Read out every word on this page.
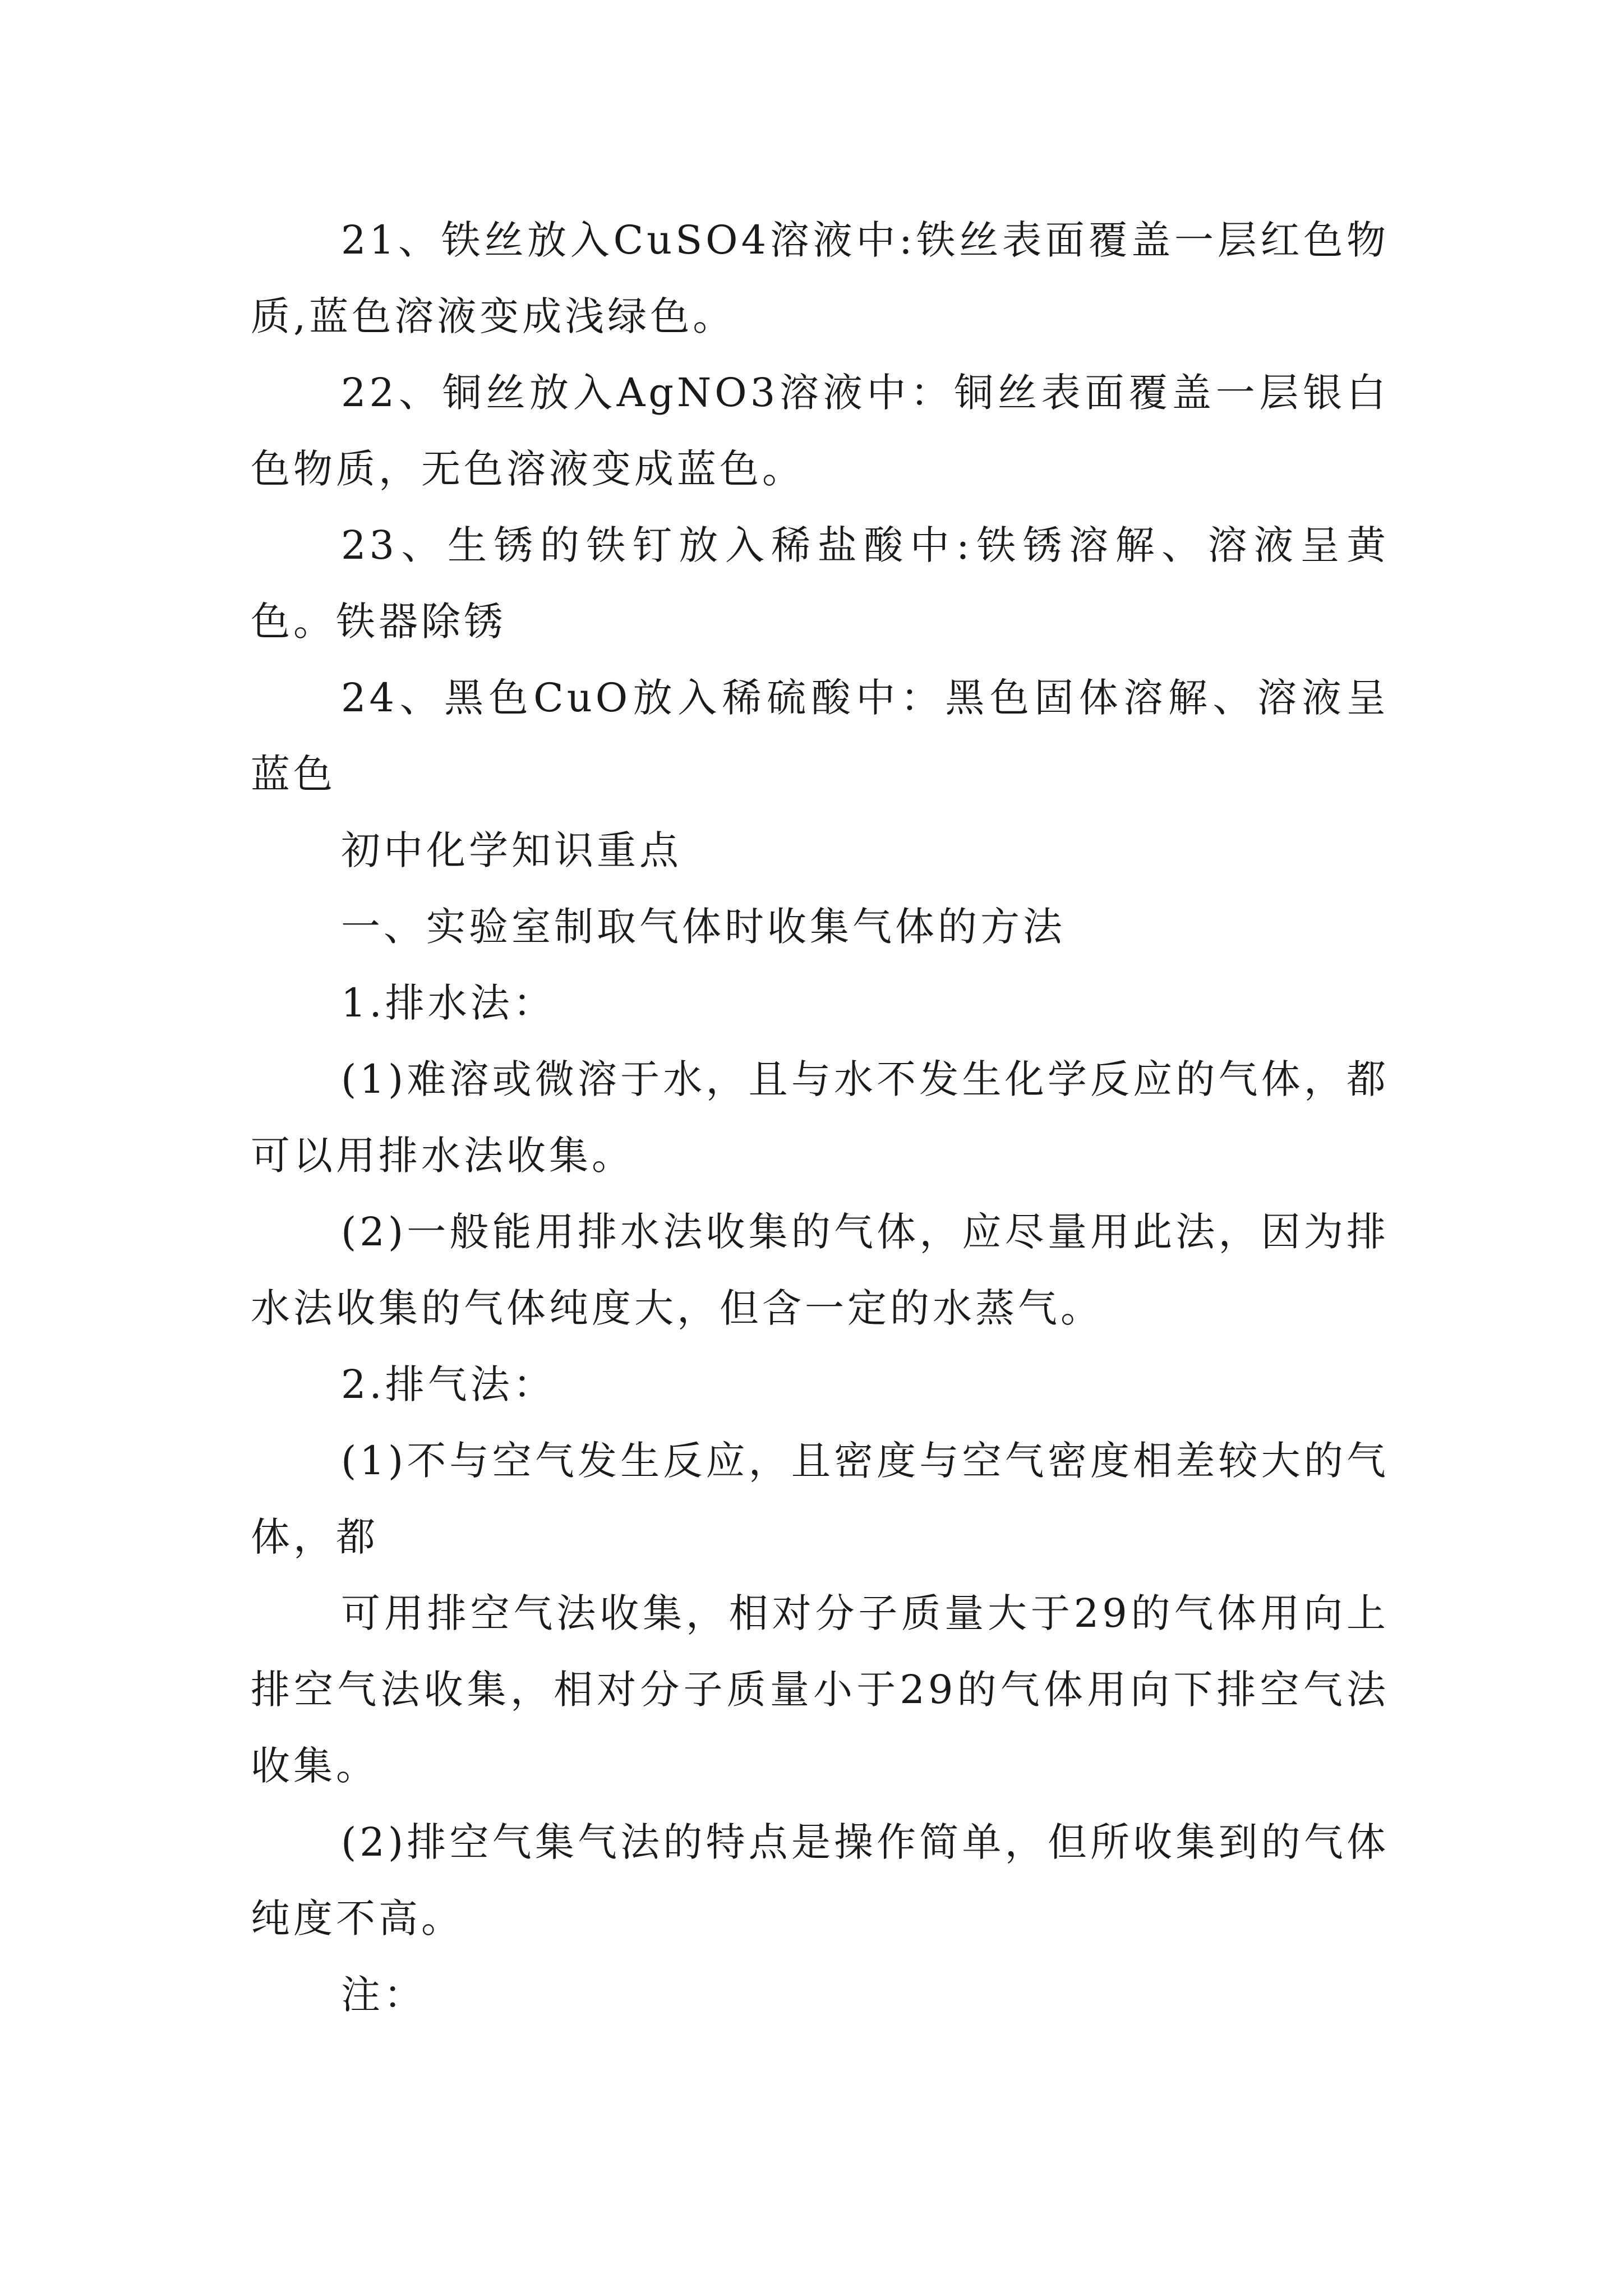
21、铁丝放入CuSO4溶液中:铁丝表面覆盖一层红色物质,蓝色溶液变成浅绿色。

22、铜丝放入AgNO3溶液中：铜丝表面覆盖一层银白色物质，无色溶液变成蓝色。

23、生锈的铁钉放入稀盐酸中:铁锈溶解、溶液呈黄色。铁器除锈

24、黑色CuO放入稀硫酸中：黑色固体溶解、溶液呈蓝色

初中化学知识重点

一、实验室制取气体时收集气体的方法

1.排水法：

(1)难溶或微溶于水，且与水不发生化学反应的气体，都可以用排水法收集。

(2)一般能用排水法收集的气体，应尽量用此法，因为排水法收集的气体纯度大，但含一定的水蒸气。

2.排气法：

(1)不与空气发生反应，且密度与空气密度相差较大的气体，都

可用排空气法收集，相对分子质量大于29的气体用向上排空气法收集，相对分子质量小于29的气体用向下排空气法收集。

(2)排空气集气法的特点是操作简单，但所收集到的气体纯度不高。

注：
